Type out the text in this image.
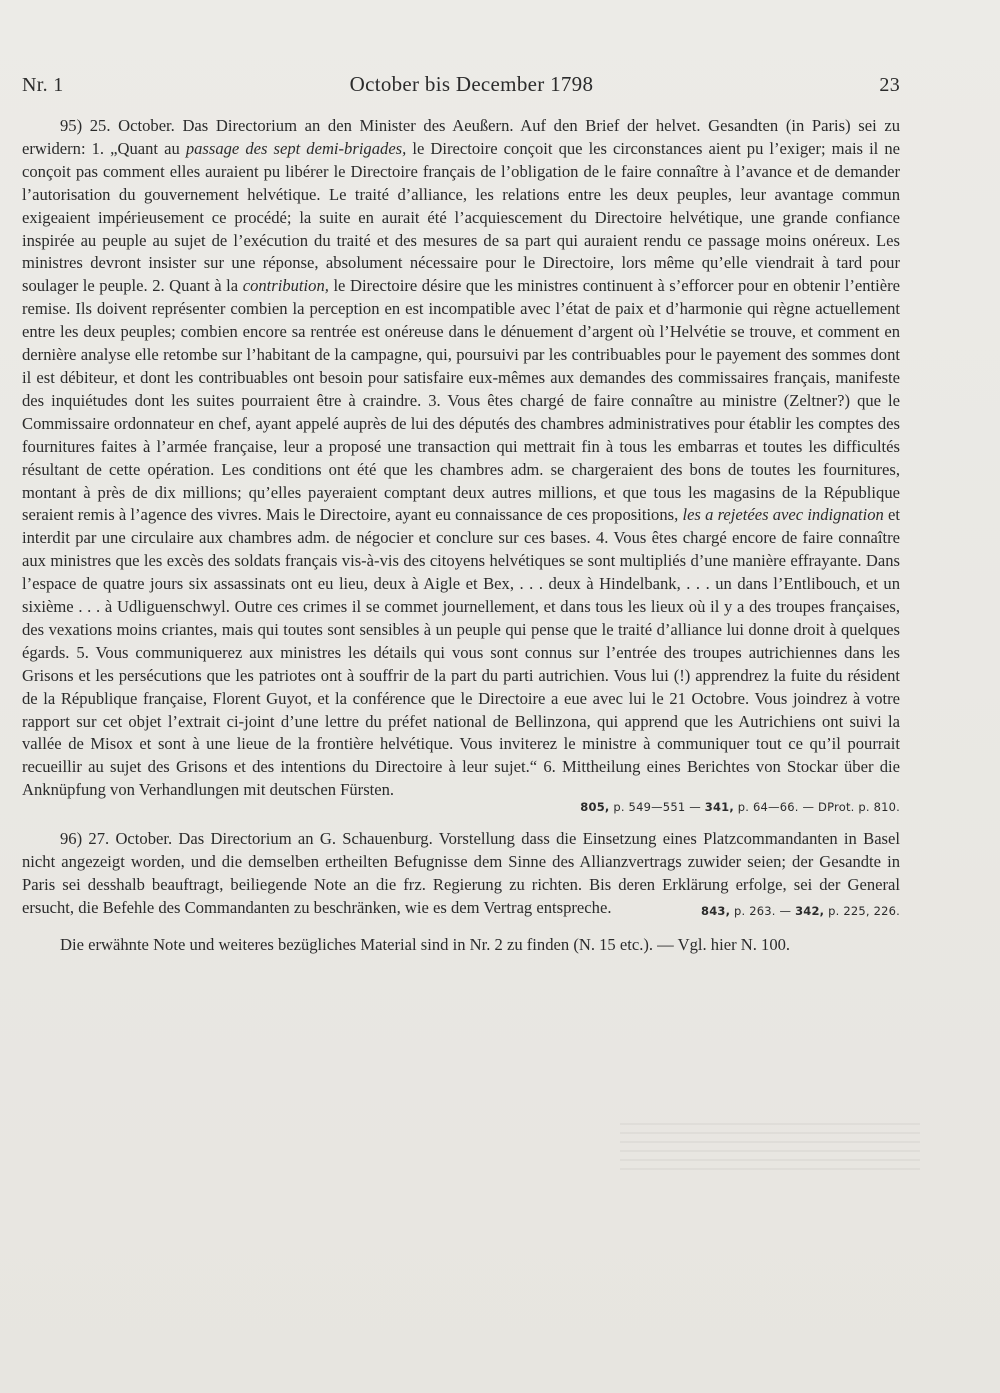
Nr. 1	October bis December 1798	23

95) 25. October. Das Directorium an den Minister des Aeußern. Auf den Brief der helvet. Gesandten (in Paris) sei zu erwidern: 1. „Quant au passage des sept demi-brigades, le Directoire conçoit que les circonstances aient pu l’exiger; mais il ne conçoit pas comment elles auraient pu libérer le Directoire français de l’obligation de le faire connaître à l’avance et de demander l’autorisation du gouvernement helvétique. Le traité d’alliance, les relations entre les deux peuples, leur avantage commun exigeaient impérieusement ce procédé; la suite en aurait été l’acquiescement du Directoire helvétique, une grande confiance inspirée au peuple au sujet de l’exécution du traité et des mesures de sa part qui auraient rendu ce passage moins onéreux. Les ministres devront insister sur une réponse, absolument nécessaire pour le Directoire, lors même qu’elle viendrait à tard pour soulager le peuple. 2. Quant à la contribution, le Directoire désire que les ministres continuent à s’efforcer pour en obtenir l’entière remise. Ils doivent représenter combien la perception en est incompatible avec l’état de paix et d’harmonie qui règne actuellement entre les deux peuples; combien encore sa rentrée est onéreuse dans le dénuement d’argent où l’Helvétie se trouve, et comment en dernière analyse elle retombe sur l’habitant de la campagne, qui, poursuivi par les contribuables pour le payement des sommes dont il est débiteur, et dont les contribuables ont besoin pour satisfaire eux-mêmes aux demandes des commissaires français, manifeste des inquiétudes dont les suites pourraient être à craindre. 3. Vous êtes chargé de faire connaître au ministre (Zeltner?) que le Commissaire ordonnateur en chef, ayant appelé auprès de lui des députés des chambres administratives pour établir les comptes des fournitures faites à l’armée française, leur a proposé une transaction qui mettrait fin à tous les embarras et toutes les difficultés résultant de cette opération. Les conditions ont été que les chambres adm. se chargeraient des bons de toutes les fournitures, montant à près de dix millions; qu’elles payeraient comptant deux autres millions, et que tous les magasins de la République seraient remis à l’agence des vivres. Mais le Directoire, ayant eu connaissance de ces propositions, les a rejetées avec indignation et interdit par une circulaire aux chambres adm. de négocier et conclure sur ces bases. 4. Vous êtes chargé encore de faire connaître aux ministres que les excès des soldats français vis-à-vis des citoyens helvétiques se sont multipliés d’une manière effrayante. Dans l’espace de quatre jours six assassinats ont eu lieu, deux à Aigle et Bex, . . . deux à Hindelbank, . . . un dans l’Entlibouch, et un sixième . . . à Udliguenschwyl. Outre ces crimes il se commet journellement, et dans tous les lieux où il y a des troupes françaises, des vexations moins criantes, mais qui toutes sont sensibles à un peuple qui pense que le traité d’alliance lui donne droit à quelques égards. 5. Vous communiquerez aux ministres les détails qui vous sont connus sur l’entrée des troupes autrichiennes dans les Grisons et les persécutions que les patriotes ont à souffrir de la part du parti autrichien. Vous lui (!) apprendrez la fuite du résident de la République française, Florent Guyot, et la conférence que le Directoire a eue avec lui le 21 Octobre. Vous joindrez à votre rapport sur cet objet l’extrait ci-joint d’une lettre du préfet national de Bellinzona, qui apprend que les Autrichiens ont suivi la vallée de Misox et sont à une lieue de la frontière helvétique. Vous inviterez le ministre à communiquer tout ce qu’il pourrait recueillir au sujet des Grisons et des intentions du Directoire à leur sujet.“ 6. Mittheilung eines Berichtes von Stockar über die Anknüpfung von Verhandlungen mit deutschen Fürsten.

805, p. 549—551 — 341, p. 64—66. — DProt. p. 810.

96) 27. October. Das Directorium an G. Schauenburg. Vorstellung dass die Einsetzung eines Platzcommandanten in Basel nicht angezeigt worden, und die demselben ertheilten Befugnisse dem Sinne des Allianzvertrags zuwider seien; der Gesandte in Paris sei desshalb beauftragt, beiliegende Note an die frz. Regierung zu richten. Bis deren Erklärung erfolge, sei der General ersucht, die Befehle des Commandanten zu beschränken, wie es dem Vertrag entspreche.	843, p. 263. — 342, p. 225, 226.

Die erwähnte Note und weiteres bezügliches Material sind in Nr. 2 zu finden (N. 15 etc.). — Vgl. hier N. 100.
